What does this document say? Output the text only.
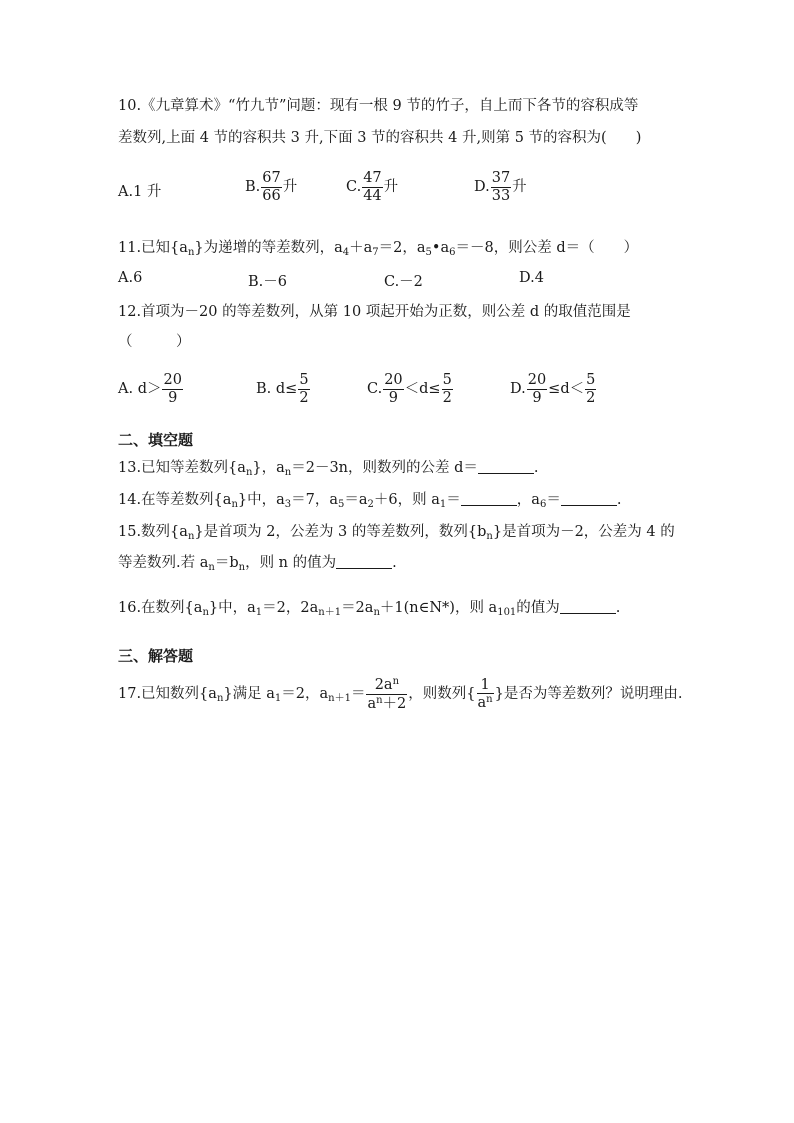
10.《九章算术》“竹九节”问题：现有一根 9 节的竹子，自上而下各节的容积成等
差数列,上面 4 节的容积共 3 升,下面 3 节的容积共 4 升,则第 5 节的容积为(　　)
A.1 升	B. $\frac{67}{66}$ 升	C. $\frac{47}{44}$ 升	D. $\frac{37}{33}$ 升
11.已知$\{a_n\}$为递增的等差数列，$a_4+a_7=2$，$a_5•a_6=-8$，则公差 d＝（　　）
A.6	B.－6	C.－2	D.4
12.首项为－20 的等差数列，从第 10 项起开始为正数，则公差 d 的取值范围是
（　　　）
A. $d> \frac{20}{9}$	B. $d\le \frac{5}{2}$	C. $\frac{20}{9} <d\le \frac{5}{2}$	D. $\frac{20}{9} \le d< \frac{5}{2}$
二、填空题
13.已知等差数列$\{a_n\}$，$a_n=2-3n$，则数列的公差 d＝	.
14.在等差数列$\{a_n\}$中，$a_3=7$，$a_5=a_2+6$，则 $a_1=$	，$a_6=$	.
15.数列$\{a_n\}$是首项为 2，公差为 3 的等差数列，数列$\{b_n\}$是首项为－2，公差为 4 的
等差数列.若 $a_n=b_n$，则 n 的值为	.
16.在数列$\{a_n\}$中，$a_1=2$，$2a_{n+1}=2a_n+1(n\in N*)$，则 $a_{101}$的值为	.
三、解答题
17.已知数列$\{a_n\}$满足 $a_1=2$，$a_{n+1}= \frac{2a^n}{a^n+2}$ ，则数列{ $\frac{1}{a^n}$ }是否为等差数列？说明理由.
